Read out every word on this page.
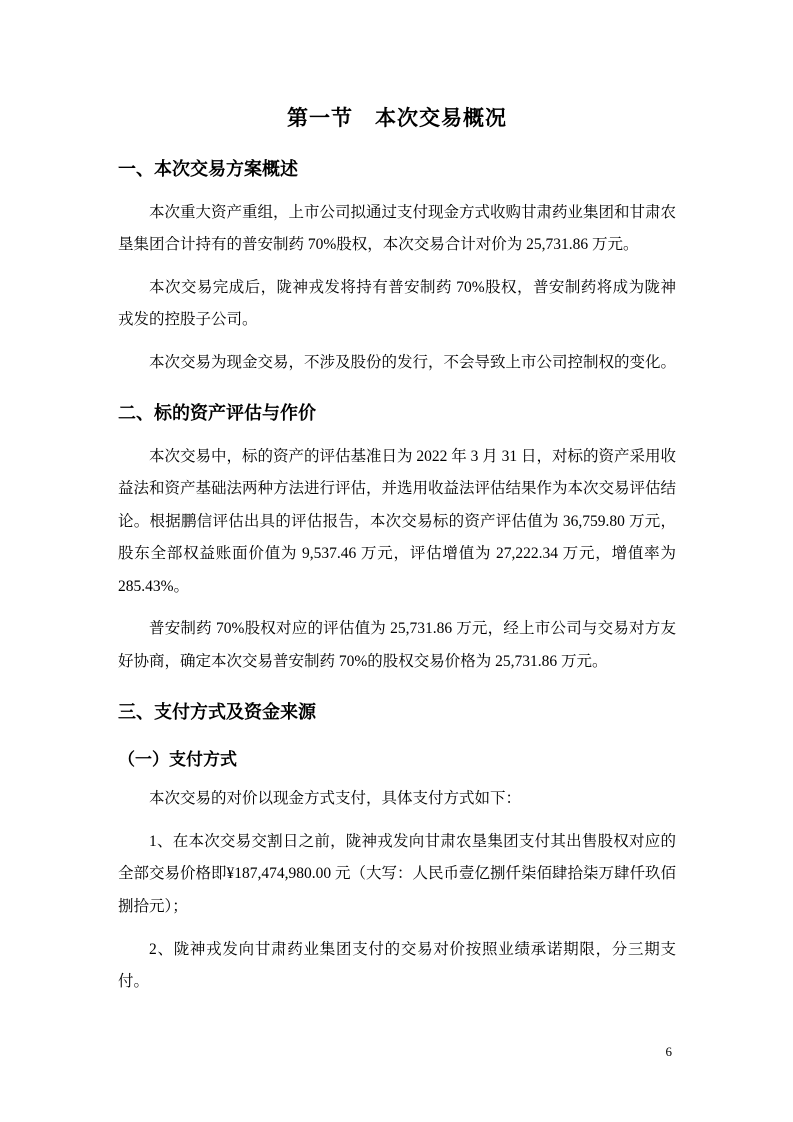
第一节　本次交易概况
一、本次交易方案概述

本次重大资产重组，上市公司拟通过支付现金方式收购甘肃药业集团和甘肃农垦集团合计持有的普安制药 70%股权，本次交易合计对价为 25,731.86 万元。

本次交易完成后，陇神戎发将持有普安制药 70%股权，普安制药将成为陇神戎发的控股子公司。

本次交易为现金交易，不涉及股份的发行，不会导致上市公司控制权的变化。

二、标的资产评估与作价

本次交易中，标的资产的评估基准日为 2022 年 3 月 31 日，对标的资产采用收益法和资产基础法两种方法进行评估，并选用收益法评估结果作为本次交易评估结论。根据鹏信评估出具的评估报告，本次交易标的资产评估值为 36,759.80 万元，股东全部权益账面价值为 9,537.46 万元，评估增值为 27,222.34 万元，增值率为 285.43%。

普安制药 70%股权对应的评估值为 25,731.86 万元，经上市公司与交易对方友好协商，确定本次交易普安制药 70%的股权交易价格为 25,731.86 万元。

三、支付方式及资金来源
（一）支付方式

本次交易的对价以现金方式支付，具体支付方式如下：

1、在本次交易交割日之前，陇神戎发向甘肃农垦集团支付其出售股权对应的全部交易价格即¥187,474,980.00 元（大写：人民币壹亿捌仟柒佰肆拾柒万肆仟玖佰捌拾元）；

2、陇神戎发向甘肃药业集团支付的交易对价按照业绩承诺期限，分三期支付。

6
